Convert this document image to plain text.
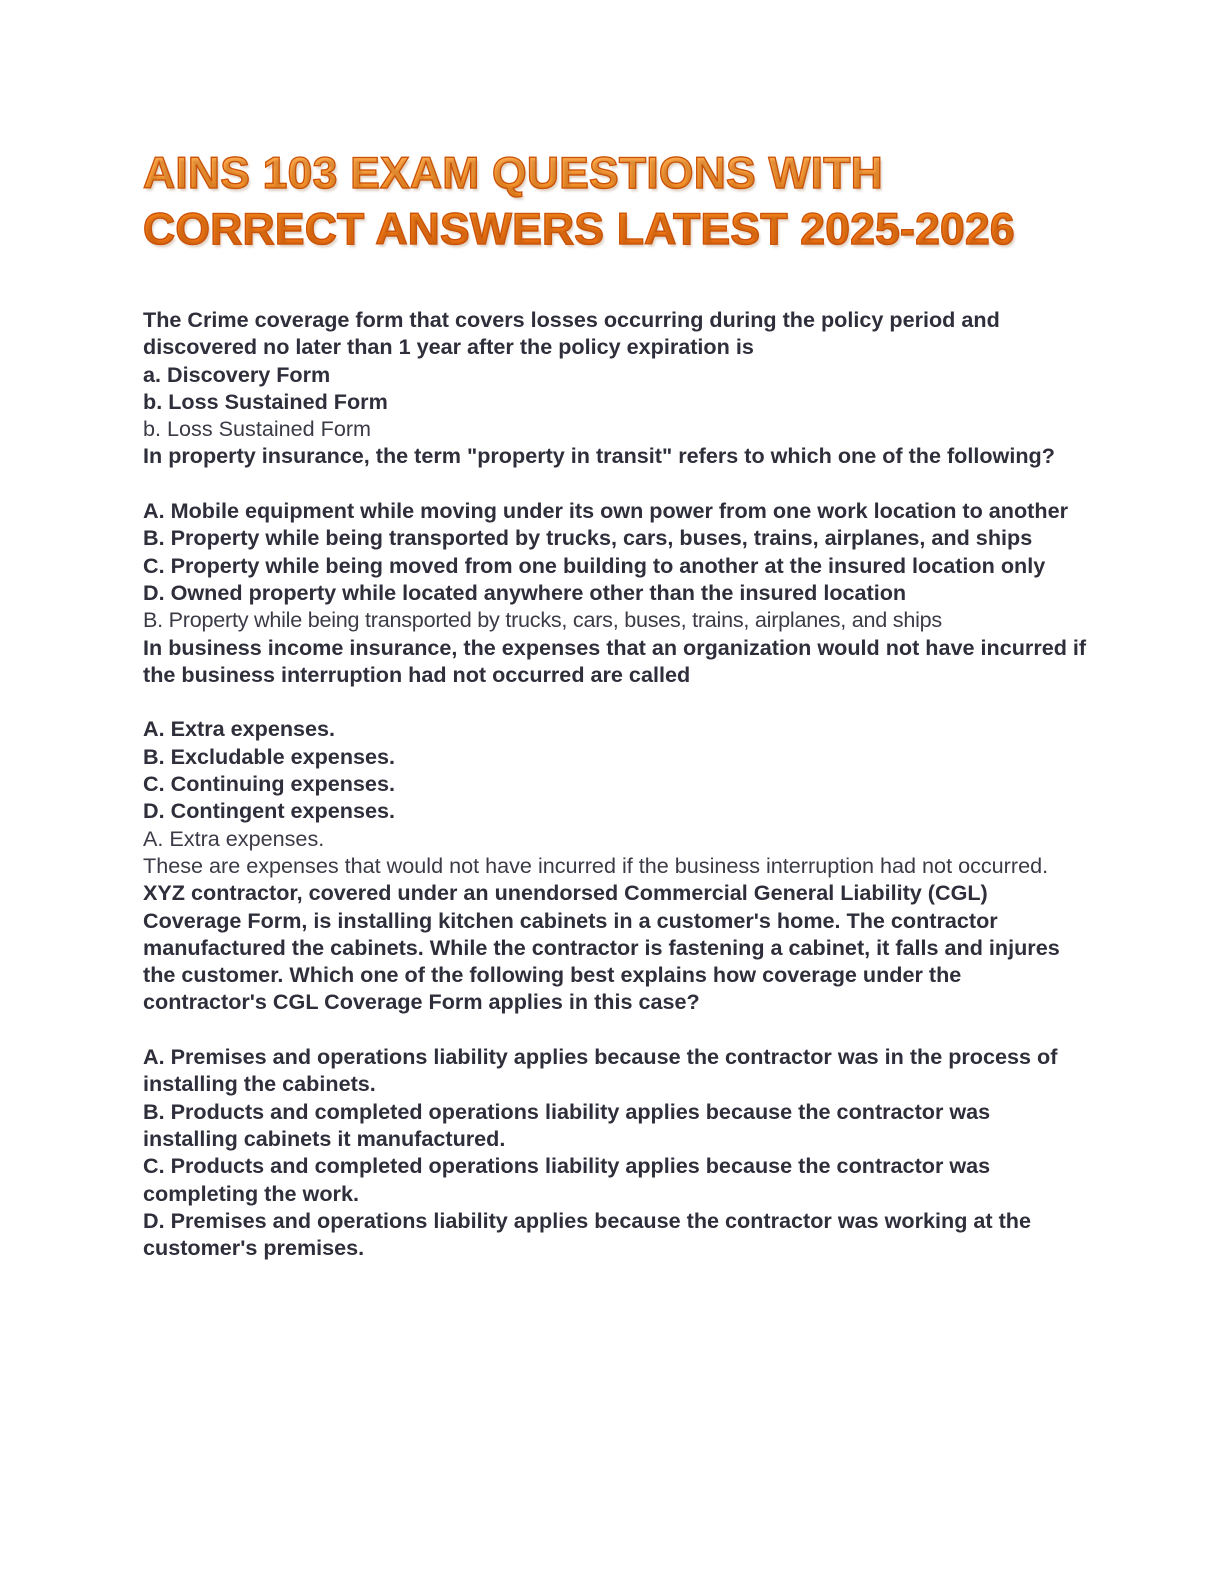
AINS 103 EXAM QUESTIONS WITH
CORRECT ANSWERS LATEST 2025-2026

The Crime coverage form that covers losses occurring during the policy period and discovered no later than 1 year after the policy expiration is

a. Discovery Form

b. Loss Sustained Form

b. Loss Sustained Form

In property insurance, the term "property in transit" refers to which one of the following?

A. Mobile equipment while moving under its own power from one work location to another

B. Property while being transported by trucks, cars, buses, trains, airplanes, and ships

C. Property while being moved from one building to another at the insured location only

D. Owned property while located anywhere other than the insured location

B. Property while being transported by trucks, cars, buses, trains, airplanes, and ships

In business income insurance, the expenses that an organization would not have incurred if the business interruption had not occurred are called

A. Extra expenses.

B. Excludable expenses.

C. Continuing expenses.

D. Contingent expenses.

A. Extra expenses.

These are expenses that would not have incurred if the business interruption had not occurred.

XYZ contractor, covered under an unendorsed Commercial General Liability (CGL) Coverage Form, is installing kitchen cabinets in a customer's home. The contractor manufactured the cabinets. While the contractor is fastening a cabinet, it falls and injures the customer. Which one of the following best explains how coverage under the contractor's CGL Coverage Form applies in this case?

A. Premises and operations liability applies because the contractor was in the process of installing the cabinets.

B. Products and completed operations liability applies because the contractor was installing cabinets it manufactured.

C. Products and completed operations liability applies because the contractor was completing the work.

D. Premises and operations liability applies because the contractor was working at the customer's premises.
